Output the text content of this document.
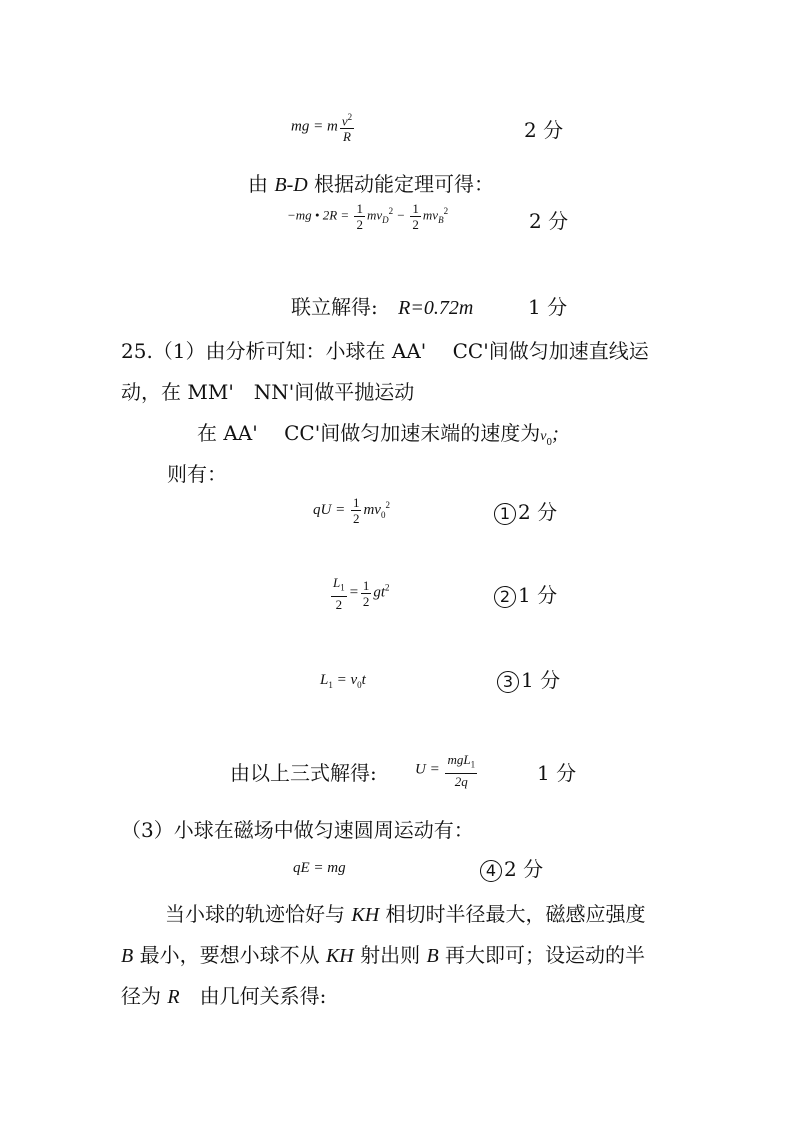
mg = m $\frac{v^2}{R}$	2 分
由 B-D 根据动能定理可得：
−mg • $2R = \frac{1}{2} mv_D^2 - \frac{1}{2} mv_B^2$	2 分
联立解得: R=0.72m	1 分
25.（1）由分析可知：小球在 AA'　 CC'间做匀加速直线运
动，在 MM'　NN'间做平抛运动
在 AA'　 CC'间做匀加速末端的速度为$v_0$;
则有：
qU = $\frac{1}{2} mv_0^2$	1 2 分
$\frac{L_1}{2} = \frac{1}{2} gt^2$	2 1 分
$L_1 = v_0t$	3 1 分
由以上三式解得:	$U = \frac{mgL_1}{2q}$	1 分
（3）小球在磁场中做匀速圆周运动有：
qE = mg	4 2 分
当小球的轨迹恰好与 KH 相切时半径最大，磁感应强度
B 最小，要想小球不从 KH 射出则 B 再大即可；设运动的半
径为 R　由几何关系得:
